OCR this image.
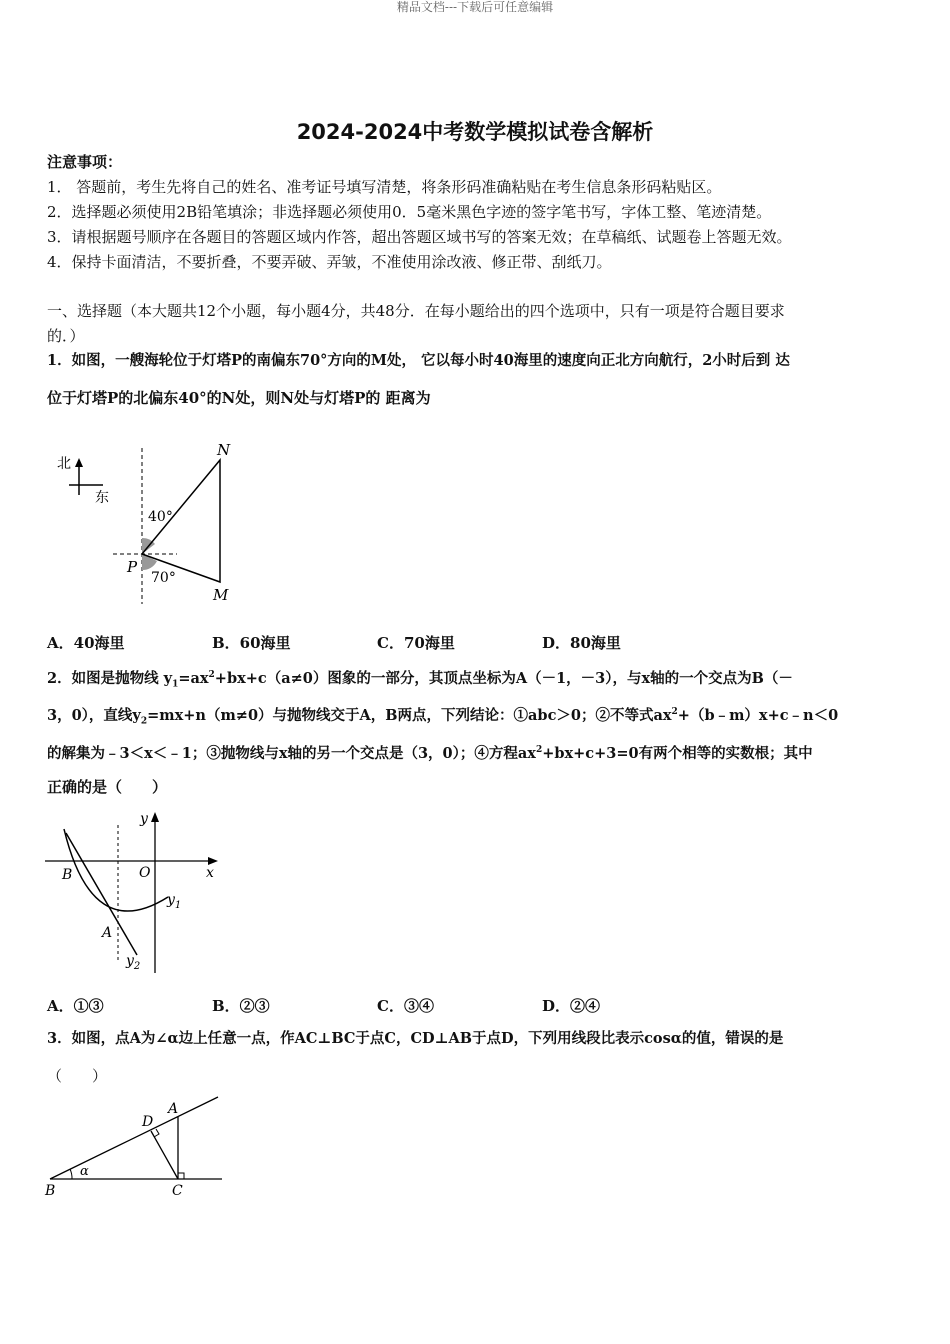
精品文档---下载后可任意编辑
2024-2024中考数学模拟试卷含解析
注意事项：
1． 答题前，考生先将自己的姓名、准考证号填写清楚，将条形码准确粘贴在考生信息条形码粘贴区。
2．选择题必须使用2B铅笔填涂；非选择题必须使用0．5毫米黑色字迹的签字笔书写，字体工整、笔迹清楚。
3．请根据题号顺序在各题目的答题区域内作答，超出答题区域书写的答案无效；在草稿纸、试题卷上答题无效。
4．保持卡面清洁，不要折叠，不要弄破、弄皱，不准使用涂改液、修正带、刮纸刀。
一、选择题（本大题共12个小题，每小题4分，共48分．在每小题给出的四个选项中，只有一项是符合题目要求
的．）
1．如图，一艘海轮位于灯塔P的南偏东70°方向的M处， 它以每小时40海里的速度向正北方向航行，2小时后到 达
位于灯塔P的北偏东40°的N处，则N处与灯塔P的 距离为
北
东
N
M
P
40°
70°
A．40海里	B．60海里	C．70海里	D．80海里
2．如图是抛物线 $y_1=ax^2+bx+c(a\ne 0)$图象的一部分，其顶点坐标为A（－1，－3），与x轴的一个交点为B（－
3，0），直线$y_2=mx+n(m\ne 0)$与抛物线交于A，B两点，下列结论：①abc＞0；②不等式$ax^2+(b﹣m)x+c﹣n<0$
的解集为﹣3＜x＜﹣1；③抛物线与x轴的另一个交点是（3，0）；④方程$ax^2+bx+c+3=0$有两个相等的实数根；其中
正确的是（　　）
y
x
O
B
A
$y_1$
$y_2$
A．①③	B．②③	C．③④	D．②④
3．如图，点A为∠α边上任意一点，作AC⊥BC于点C，CD⊥AB于点D，下列用线段比表示cosα的值，错误的是
（　　）
α
B	C
D
A
